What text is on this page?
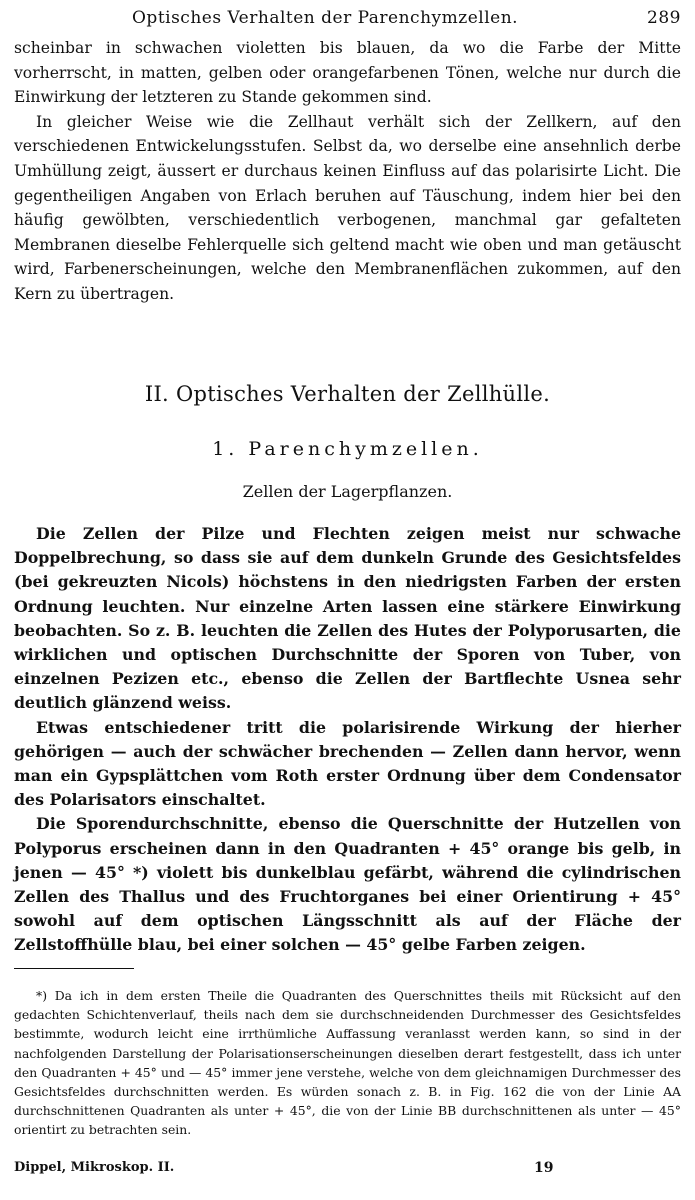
Optisches Verhalten der Parenchymzellen.	289

scheinbar in schwachen violetten bis blauen, da wo die Farbe der Mitte vorherrscht, in matten, gelben oder orangefarbenen Tönen, welche nur durch die Einwirkung der letzteren zu Stande gekommen sind.

In gleicher Weise wie die Zellhaut verhält sich der Zellkern, auf den verschiedenen Entwickelungsstufen. Selbst da, wo derselbe eine ansehnlich derbe Umhüllung zeigt, äussert er durchaus keinen Einfluss auf das polarisirte Licht. Die gegentheiligen Angaben von Erlach beruhen auf Täuschung, indem hier bei den häufig gewölbten, verschiedentlich verbogenen, manchmal gar gefalteten Membranen dieselbe Fehlerquelle sich geltend macht wie oben und man getäuscht wird, Farbenerscheinungen, welche den Membranenflächen zukommen, auf den Kern zu übertragen.

II. Optisches Verhalten der Zellhülle.
1. Parenchymzellen.
Zellen der Lagerpflanzen.

Die Zellen der Pilze und Flechten zeigen meist nur schwache Doppelbrechung, so dass sie auf dem dunkeln Grunde des Gesichtsfeldes (bei gekreuzten Nicols) höchstens in den niedrigsten Farben der ersten Ordnung leuchten. Nur einzelne Arten lassen eine stärkere Einwirkung beobachten. So z. B. leuchten die Zellen des Hutes der Polyporusarten, die wirklichen und optischen Durchschnitte der Sporen von Tuber, von einzelnen Pezizen etc., ebenso die Zellen der Bartflechte Usnea sehr deutlich glänzend weiss.

Etwas entschiedener tritt die polarisirende Wirkung der hierher gehörigen — auch der schwächer brechenden — Zellen dann hervor, wenn man ein Gypsplättchen vom Roth erster Ordnung über dem Condensator des Polarisators einschaltet.

Die Sporendurchschnitte, ebenso die Querschnitte der Hutzellen von Polyporus erscheinen dann in den Quadranten + 45° orange bis gelb, in jenen — 45° *) violett bis dunkelblau gefärbt, während die cylindrischen Zellen des Thallus und des Fruchtorganes bei einer Orientirung + 45° sowohl auf dem optischen Längsschnitt als auf der Fläche der Zellstoffhülle blau, bei einer solchen — 45° gelbe Farben zeigen.

*) Da ich in dem ersten Theile die Quadranten des Querschnittes theils mit Rücksicht auf den gedachten Schichtenverlauf, theils nach dem sie durchschneidenden Durchmesser des Gesichtsfeldes bestimmte, wodurch leicht eine irrthümliche Auffassung veranlasst werden kann, so sind in der nachfolgenden Darstellung der Polarisationserscheinungen dieselben derart festgestellt, dass ich unter den Quadranten + 45° und — 45° immer jene verstehe, welche von dem gleichnamigen Durchmesser des Gesichtsfeldes durchschnitten werden. Es würden sonach z. B. in Fig. 162 die von der Linie AA durchschnittenen Quadranten als unter + 45°, die von der Linie BB durchschnittenen als unter — 45° orientirt zu betrachten sein.

Dippel, Mikroskop. II.	19
